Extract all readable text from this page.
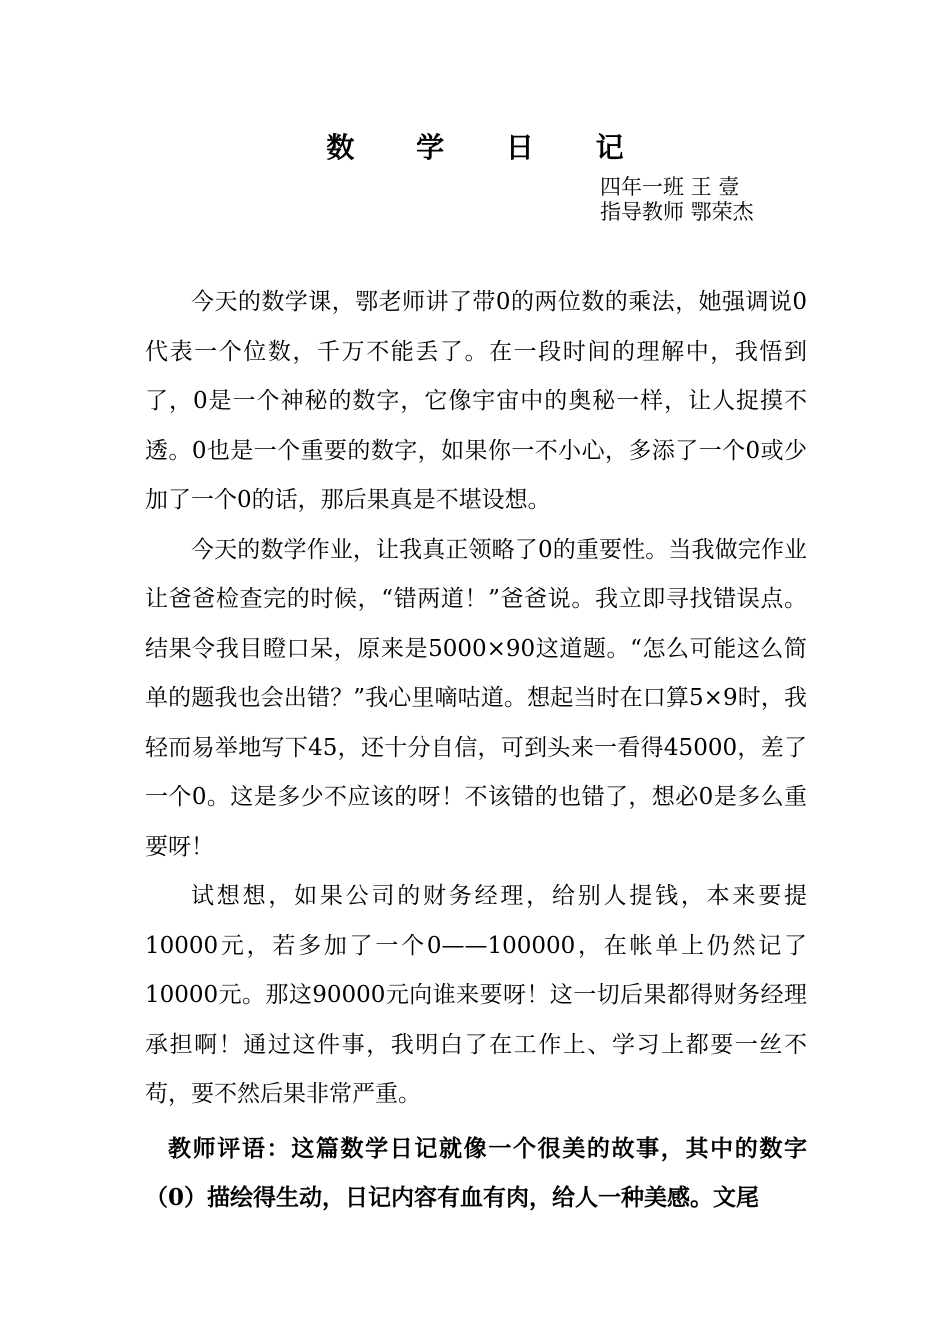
数 学 日 记
四年一班 王 壹
指导教师 鄂荣杰

今天的数学课，鄂老师讲了带0的两位数的乘法，她强调说0代表一个位数，千万不能丢了。在一段时间的理解中，我悟到了，0是一个神秘的数字，它像宇宙中的奥秘一样，让人捉摸不透。0也是一个重要的数字，如果你一不小心，多添了一个0或少加了一个0的话，那后果真是不堪设想。

今天的数学作业，让我真正领略了0的重要性。当我做完作业让爸爸检查完的时候，“错两道！”爸爸说。我立即寻找错误点。结果令我目瞪口呆，原来是5000×90这道题。“怎么可能这么简单的题我也会出错？”我心里嘀咕道。想起当时在口算5×9时，我轻而易举地写下45，还十分自信，可到头来一看得45000，差了一个0。这是多少不应该的呀！不该错的也错了，想必0是多么重要呀！

试想想，如果公司的财务经理，给别人提钱，本来要提10000元，若多加了一个0——100000，在帐单上仍然记了10000元。那这90000元向谁来要呀！这一切后果都得财务经理承担啊！通过这件事，我明白了在工作上、学习上都要一丝不苟，要不然后果非常严重。

教师评语：这篇数学日记就像一个很美的故事，其中的数字（0）描绘得生动，日记内容有血有肉，给人一种美感。文尾
